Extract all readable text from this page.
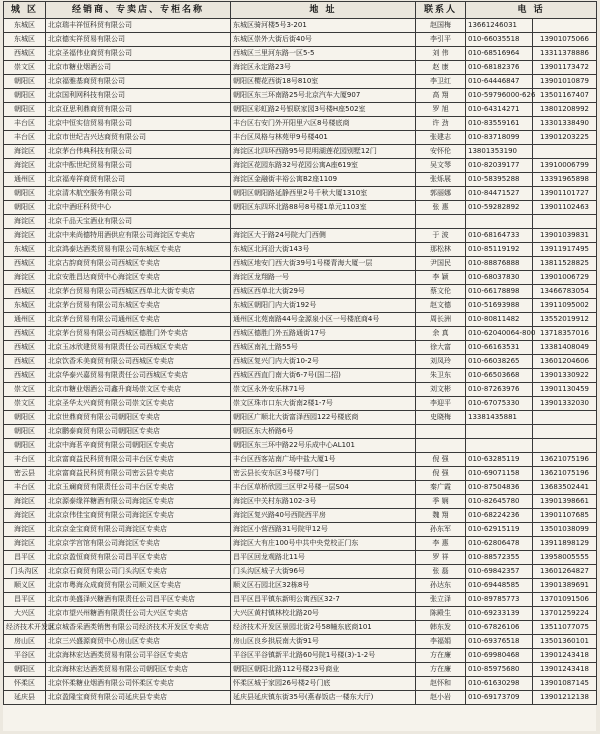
城 区	经销商、专卖店、专柜名称	地 址	联系人	电 话	
东城区	北京瑞丰祥恒科贸有限公司	东城区骑河楼5号3-201	赵国梅	13661246031	
东城区	北京德实祥贸易有限公司	东城区崇外大街后街40号	李引平	010-66035518	13901075066
西城区	北京圣福伟业商贸有限公司	西城区三里河东路一区5-5	刘 伟	010-68516964	13311378886
崇文区	北京市糖业烟酒公司	海淀区永定路23号	赵 康	010-68182376	13901173472
朝阳区	北京福雅基商贸有限公司	朝阳区樱花西街18号810室	李卫红	010-64446847	13901010879
朝阳区	北京国利网科技有限公司	朝阳区东三环南路25号北京汽车大厦907	高 翔	010-59796000-626	13501167407
朝阳区	北京亚思利鼎商贸有限公司	朝阳区彩虹路2号银联家园3号楼H座502室	罗 旭	010-64314271	13801208992
丰台区	北京中恒实信贸易有限公司	丰台区右安门外开阳里六区8号楼底商	许 劲	010-83559161	13301338490
丰台区	北京市世纪吉兴达商贸有限公司	丰台区凤格与林苑甲9号楼401	张建志	010-83718099	13901203225
海淀区	北京茅台伟典科技有限公司	海淀区北四环西路95号昆明湖莲花园别墅12门	安怀伦	13801353190	
海淀区	北京中酝世纪贸易有限公司	海淀区花园东路32号花园公寓A座619室	吴文琴	010-82039177	13910006799
通州区	北京福寿祥商贸有限公司	海淀区金融街丰裕公寓B2座1109	张烁展	010-58395288	13391965898
朝阳区	北京清木航空服务有限公司	朝阳区朝阳路延静西里2号千秋大厦1310室	郭丽娜	010-84471527	13901101727
朝阳区	北京中酒旺科贸中心	朝阳区东四环北路88号8号楼1单元1103室	张 惠	010-59282892	13901102463
海淀区	北京千品天宝酒业有限公司				
海淀区	北京中来尚德特用酒供应有限公司海淀区专卖店	海淀区大于路24号院大门西侧	于 波	010-68164733	13901039831
东城区	北京鸿泰达酒类贸易有限公司东城区专卖店	东城区北河沿大街143号	那松林	010-85119192	13911917495
西城区	北京古韵商贸有限公司西城区专卖店	西城区地安门西大街39号1号楼青海大厦一层	尹国民	010-88876888	13811528825
海淀区	北京安胜昌达商贸中心海淀区专卖店	海淀区龙翔路一号	李 颖	010-68037830	13901006729
西城区	北京茅台贸易有限公司西城区西单北大街专卖店	西城区西单北大街29号	蔡文伦	010-66178898	13466783054
东城区	北京茅台贸易有限公司东城区专卖店	东城区朝阳门内大街192号	赵文德	010-51693988	13911095002
通州区	北京茅台贸易有限公司通州区专卖店	通州区北苑南路44号金源泉小区一号楼底商4号	周长洲	010-80811482	13552019912
西城区	北京茅台贸易有限公司西城区德胜门外专卖店	西城区德胜门外五路通街17号	余 真	010-62040064-800	13718357016
西城区	北京玉冰欣建贸易有限责任公司西城区专卖店	西城区南礼士路55号	徐大富	010-66163531	13381408049
西城区	北京饮香禾美商贸有限公司西城区专卖店	西城区复兴门内大街10-2号	刘凤玲	010-66038265	13601204606
西城区	北京华泰兴嘉贸易有限责任公司西城区专卖店	西城区西直门南大街6-7号(国二招)	朱卫东	010-66503668	13901330922
崇文区	北京市糖业烟酒公司鑫升商场崇文区专卖店	崇文区永外安乐林71号	刘文彬	010-87263976	13901130459
崇文区	北京圣华太兴商贸有限公司崇文区专卖店	崇文区珠市口东大街南2楼1-7号	李迎平	010-67075330	13901332030
朝阳区	北京世鼎商贸有限公司朝阳区专卖店	朝阳区广顺北大街富泽西园122号楼底商	史晓梅	13381435881	
朝阳区	北京鹏泰商贸有限公司朝阳区专卖店	朝阳区东大桥路6号			
朝阳区	北京中海茗辛商贸有限公司朝阳区专卖店	朝阳区东三环中路22号乐成中心AL101			
丰台区	北京富商益民科贸有限公司丰台区专卖店	丰台区西客站南广场中盐大厦1号	倪 强	010-63285119	13621075196
密云县	北京富商益民科贸有限公司密云县专卖店	密云县长安东区3号楼7号门	倪 强	010-69071158	13621075196
丰台区	北京玉斓商贸有限责任公司丰台区专卖店	丰台区草桥欣园三区甲2号楼一层S04	秦广霞	010-87504836	13683502441
海淀区	北京源泰缘祥糖酒有限公司海淀区专卖店	海淀区中关村东路102-3号	季 娴	010-82645780	13901398661
海淀区	北京京伟佳宝商贸有限公司海淀区专卖店	海淀区复兴路40号西院西平房	魏 翔	010-68224236	13901107685
海淀区	北京京金宝商贸有限公司海淀区专卖店	海淀区小营西路31号院甲12号	孙东军	010-62915119	13501038099
海淀区	北京京学宫馆有限公司海淀区专卖店	海淀区大有庄100号中共中央党校正门东	李 惠	010-62806478	13911898129
昌平区	北京京盈恒商贸有限公司昌平区专卖店	昌平区回龙观路北11号	罗 祥	010-88572355	13958005555
门头沟区	北京京石商贸有限公司门头沟区专卖店	门头沟区城子大街96号	张 磊	010-69842357	13601264827
顺义区	北京市粤海众成商贸有限公司顺义区专卖店	顺义区石园北区32栋8号	孙达东	010-69448585	13901389691
昌平区	北京市美盛泽兴糖酒有限责任公司昌平区专卖店	昌平区昌平镇东新明公寓西区32-7	张立泽	010-89785773	13701091506
大兴区	北京市望兴州糖酒有限责任公司大兴区专卖店	大兴区黄村镇林校北路20号	陈殿生	010-69233139	13701259224
经济技术开发区	北京城香采酒类销售有限公司经济技术开发区专卖店	经济技术开发区景园北街2号58幢东底商101	韩东发	010-67826106	13511077075
房山区	北京三兴盛源商贸中心房山区专卖店	房山区良乡拱辰南大街91号	李福娟	010-69376518	13501360101
平谷区	北京海林宏达酒类贸易有限公司平谷区专卖店	平谷区平谷镇新平北路60号院1号楼(3)-1-2号	方在廉	010-69980468	13901243418
朝阳区	北京海林宏达酒类贸易有限公司朝阳区专卖店	朝阳区朝阳北路112号楼23号商业	方在廉	010-85975680	13901243418
怀柔区	北京怀柔糖业烟酒有限公司怀柔区专卖店	怀柔区城于家园26号楼2号门底	赵怀和	010-61630298	13901087145
延庆县	北京盈隆宝商贸有限公司延庆县专卖店	延庆县延庆镇东街35号(燕春饭店一楼东大厅)	赵小岩	010-69173709	13901212138
